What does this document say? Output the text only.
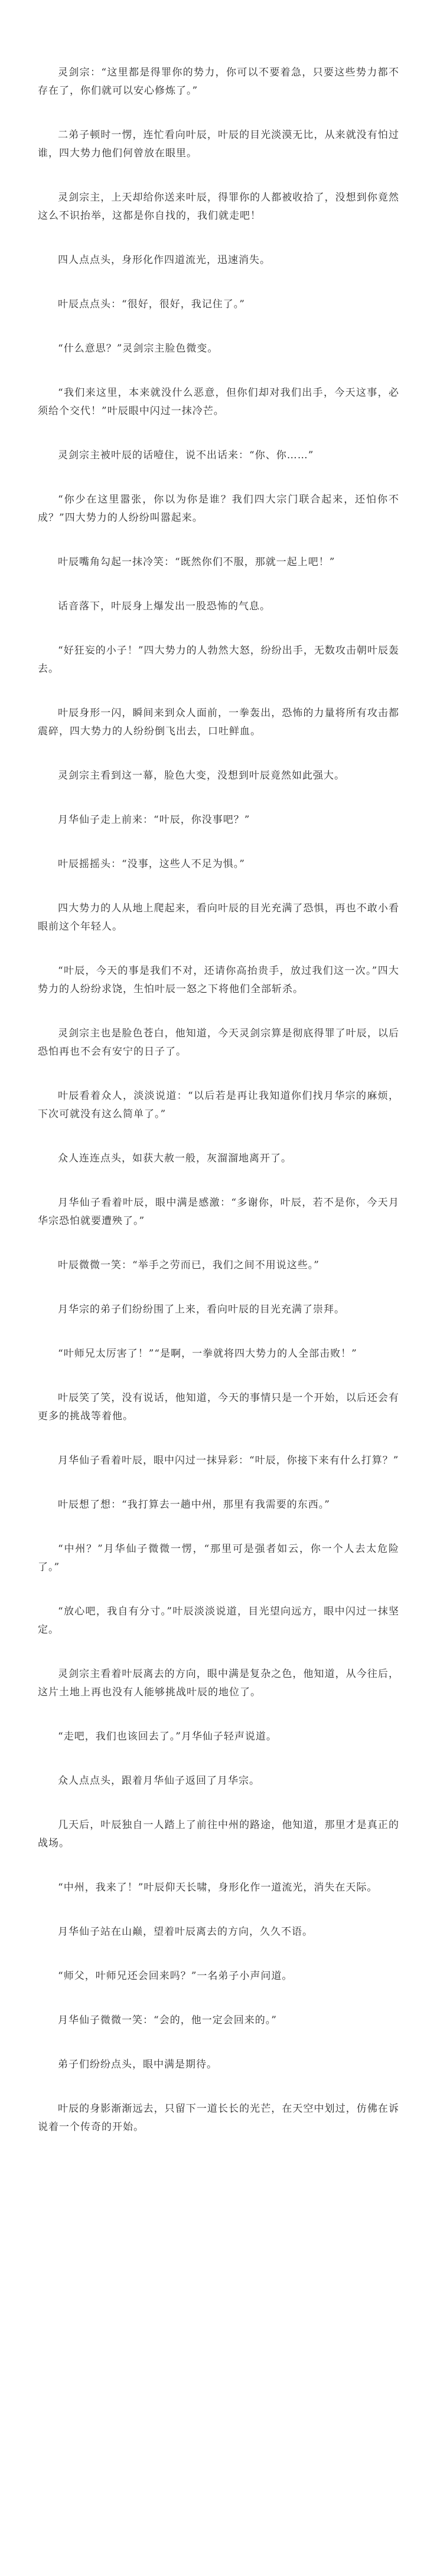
灵剑宗：“这里都是得罪你的势力，你可以不要着急，只要这些势力都不存在了，你们就可以安心修炼了。”

二弟子顿时一愣，连忙看向叶辰，叶辰的目光淡漠无比，从来就没有怕过谁，四大势力他们何曾放在眼里。

灵剑宗主，上天却给你送来叶辰，得罪你的人都被收拾了，没想到你竟然这么不识抬举，这都是你自找的，我们就走吧！

四人点点头，身形化作四道流光，迅速消失。

叶辰点点头：“很好，很好，我记住了。”

“什么意思？”灵剑宗主脸色微变。

“我们来这里，本来就没什么恶意，但你们却对我们出手，今天这事，必须给个交代！”叶辰眼中闪过一抹冷芒。

灵剑宗主被叶辰的话噎住，说不出话来：“你、你……”

“你少在这里嚣张，你以为你是谁？我们四大宗门联合起来，还怕你不成？”四大势力的人纷纷叫嚣起来。

叶辰嘴角勾起一抹冷笑：“既然你们不服，那就一起上吧！”

话音落下，叶辰身上爆发出一股恐怖的气息。

“好狂妄的小子！”四大势力的人勃然大怒，纷纷出手，无数攻击朝叶辰轰去。

叶辰身形一闪，瞬间来到众人面前，一拳轰出，恐怖的力量将所有攻击都震碎，四大势力的人纷纷倒飞出去，口吐鲜血。

灵剑宗主看到这一幕，脸色大变，没想到叶辰竟然如此强大。

月华仙子走上前来：“叶辰，你没事吧？”

叶辰摇摇头：“没事，这些人不足为惧。”

四大势力的人从地上爬起来，看向叶辰的目光充满了恐惧，再也不敢小看眼前这个年轻人。

“叶辰，今天的事是我们不对，还请你高抬贵手，放过我们这一次。”四大势力的人纷纷求饶，生怕叶辰一怒之下将他们全部斩杀。

灵剑宗主也是脸色苍白，他知道，今天灵剑宗算是彻底得罪了叶辰，以后恐怕再也不会有安宁的日子了。

叶辰看着众人，淡淡说道：“以后若是再让我知道你们找月华宗的麻烦，下次可就没有这么简单了。”

众人连连点头，如获大赦一般，灰溜溜地离开了。

月华仙子看着叶辰，眼中满是感激：“多谢你，叶辰，若不是你，今天月华宗恐怕就要遭殃了。”

叶辰微微一笑：“举手之劳而已，我们之间不用说这些。”

月华宗的弟子们纷纷围了上来，看向叶辰的目光充满了崇拜。

“叶师兄太厉害了！”“是啊，一拳就将四大势力的人全部击败！”

叶辰笑了笑，没有说话，他知道，今天的事情只是一个开始，以后还会有更多的挑战等着他。

月华仙子看着叶辰，眼中闪过一抹异彩：“叶辰，你接下来有什么打算？”

叶辰想了想：“我打算去一趟中州，那里有我需要的东西。”

“中州？”月华仙子微微一愣，“那里可是强者如云，你一个人去太危险了。”

“放心吧，我自有分寸。”叶辰淡淡说道，目光望向远方，眼中闪过一抹坚定。

灵剑宗主看着叶辰离去的方向，眼中满是复杂之色，他知道，从今往后，这片土地上再也没有人能够挑战叶辰的地位了。

“走吧，我们也该回去了。”月华仙子轻声说道。

众人点点头，跟着月华仙子返回了月华宗。

几天后，叶辰独自一人踏上了前往中州的路途，他知道，那里才是真正的战场。

“中州，我来了！”叶辰仰天长啸，身形化作一道流光，消失在天际。

月华仙子站在山巅，望着叶辰离去的方向，久久不语。

“师父，叶师兄还会回来吗？”一名弟子小声问道。

月华仙子微微一笑：“会的，他一定会回来的。”

弟子们纷纷点头，眼中满是期待。

叶辰的身影渐渐远去，只留下一道长长的光芒，在天空中划过，仿佛在诉说着一个传奇的开始。
